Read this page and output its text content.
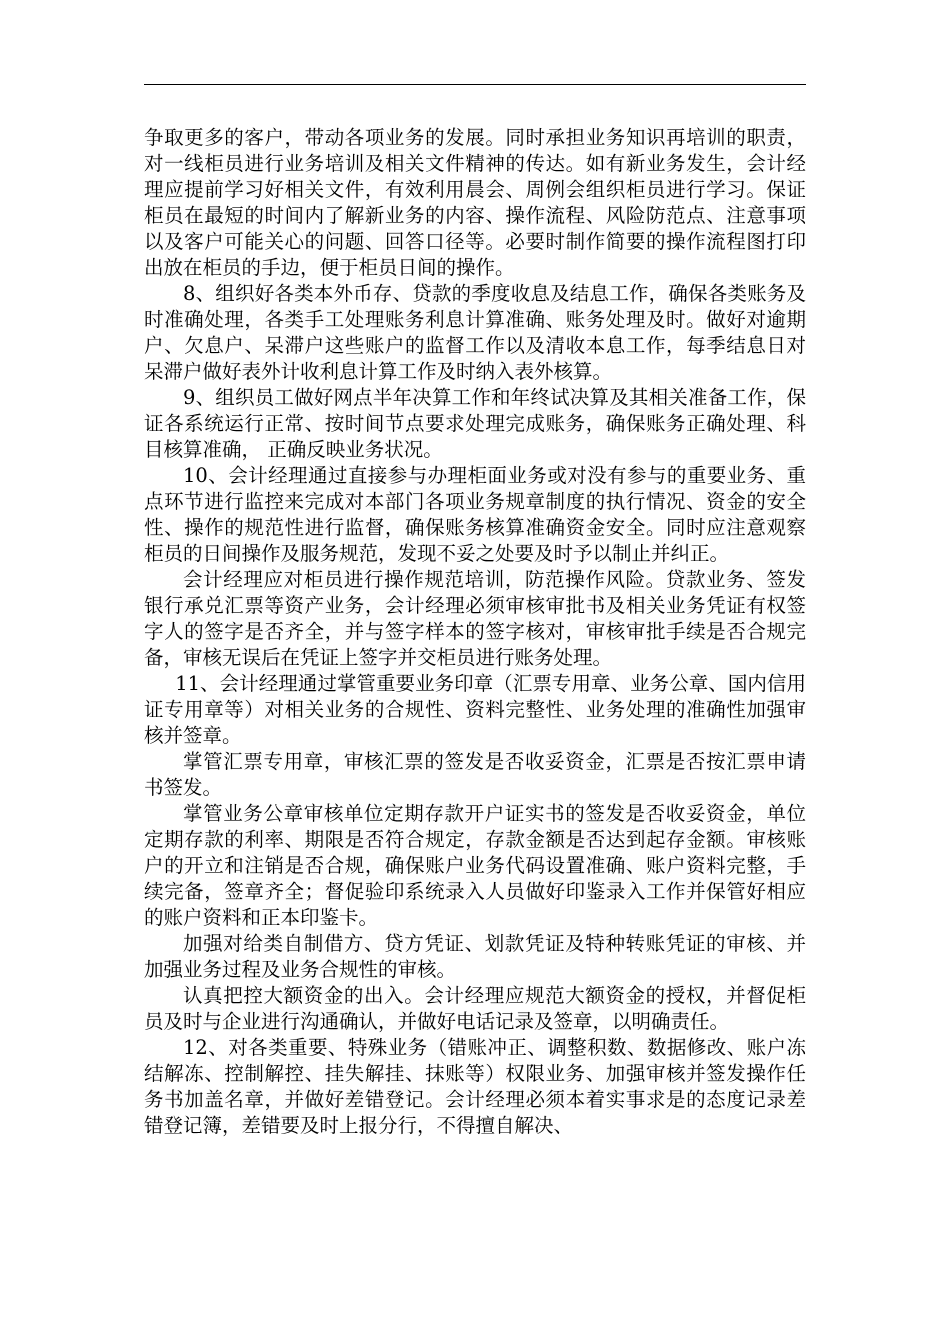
争取更多的客户，带动各项业务的发展。同时承担业务知识再培训的职责，对一线柜员进行业务培训及相关文件精神的传达。如有新业务发生，会计经理应提前学习好相关文件，有效利用晨会、周例会组织柜员进行学习。保证柜员在最短的时间内了解新业务的内容、操作流程、风险防范点、注意事项以及客户可能关心的问题、回答口径等。必要时制作简要的操作流程图打印出放在柜员的手边，便于柜员日间的操作。

8、组织好各类本外币存、贷款的季度收息及结息工作，确保各类账务及时准确处理，各类手工处理账务利息计算准确、账务处理及时。做好对逾期户、欠息户、呆滞户这些账户的监督工作以及清收本息工作，每季结息日对呆滞户做好表外计收利息计算工作及时纳入表外核算。

9、组织员工做好网点半年决算工作和年终试决算及其相关准备工作，保证各系统运行正常、按时间节点要求处理完成账务，确保账务正确处理、科目核算准确， 正确反映业务状况。

10、会计经理通过直接参与办理柜面业务或对没有参与的重要业务、重点环节进行监控来完成对本部门各项业务规章制度的执行情况、资金的安全性、操作的规范性进行监督，确保账务核算准确资金安全。同时应注意观察柜员的日间操作及服务规范，发现不妥之处要及时予以制止并纠正。

会计经理应对柜员进行操作规范培训，防范操作风险。贷款业务、签发银行承兑汇票等资产业务，会计经理必须审核审批书及相关业务凭证有权签字人的签字是否齐全，并与签字样本的签字核对，审核审批手续是否合规完备，审核无误后在凭证上签字并交柜员进行账务处理。

11、会计经理通过掌管重要业务印章（汇票专用章、业务公章、国内信用证专用章等）对相关业务的合规性、资料完整性、业务处理的准确性加强审核并签章。

掌管汇票专用章，审核汇票的签发是否收妥资金，汇票是否按汇票申请书签发。

掌管业务公章审核单位定期存款开户证实书的签发是否收妥资金，单位定期存款的利率、期限是否符合规定，存款金额是否达到起存金额。审核账户的开立和注销是否合规，确保账户业务代码设置准确、账户资料完整，手续完备，签章齐全；督促验印系统录入人员做好印鉴录入工作并保管好相应的账户资料和正本印鉴卡。

加强对给类自制借方、贷方凭证、划款凭证及特种转账凭证的审核、并加强业务过程及业务合规性的审核。

认真把控大额资金的出入。会计经理应规范大额资金的授权，并督促柜员及时与企业进行沟通确认，并做好电话记录及签章，以明确责任。

12、对各类重要、特殊业务（错账冲正、调整积数、数据修改、账户冻结解冻、控制解控、挂失解挂、抹账等）权限业务、加强审核并签发操作任务书加盖名章，并做好差错登记。会计经理必须本着实事求是的态度记录差错登记簿，差错要及时上报分行，不得擅自解决、
